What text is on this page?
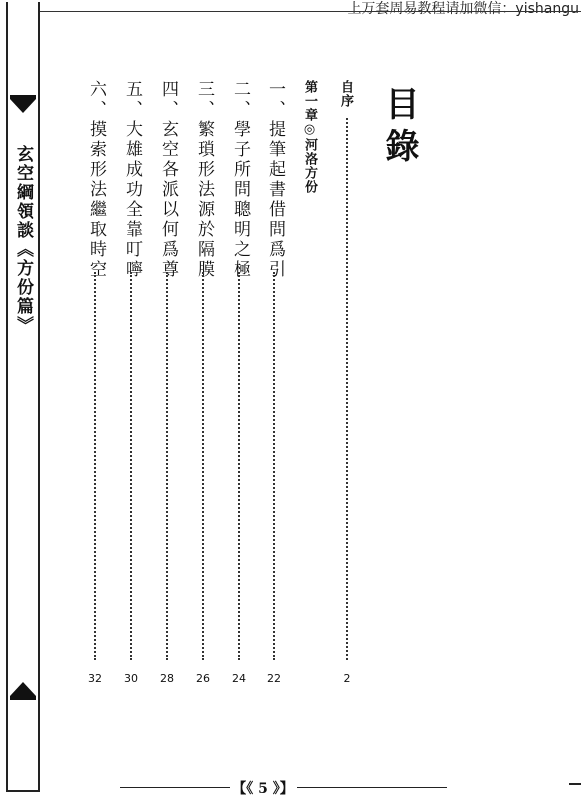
上万套周易教程请加微信：yishangu
玄空綱領談《方份篇》
目錄
自序
2
第一章◎河洛方份
一、提筆起書借問爲引
22
二、學子所問聰明之極
24
三、繁瑣形法源於隔膜
26
四、玄空各派以何爲尊
28
五、大雄成功全靠叮嚀
30
六、摸索形法繼取時空
32
【《 5 》】
